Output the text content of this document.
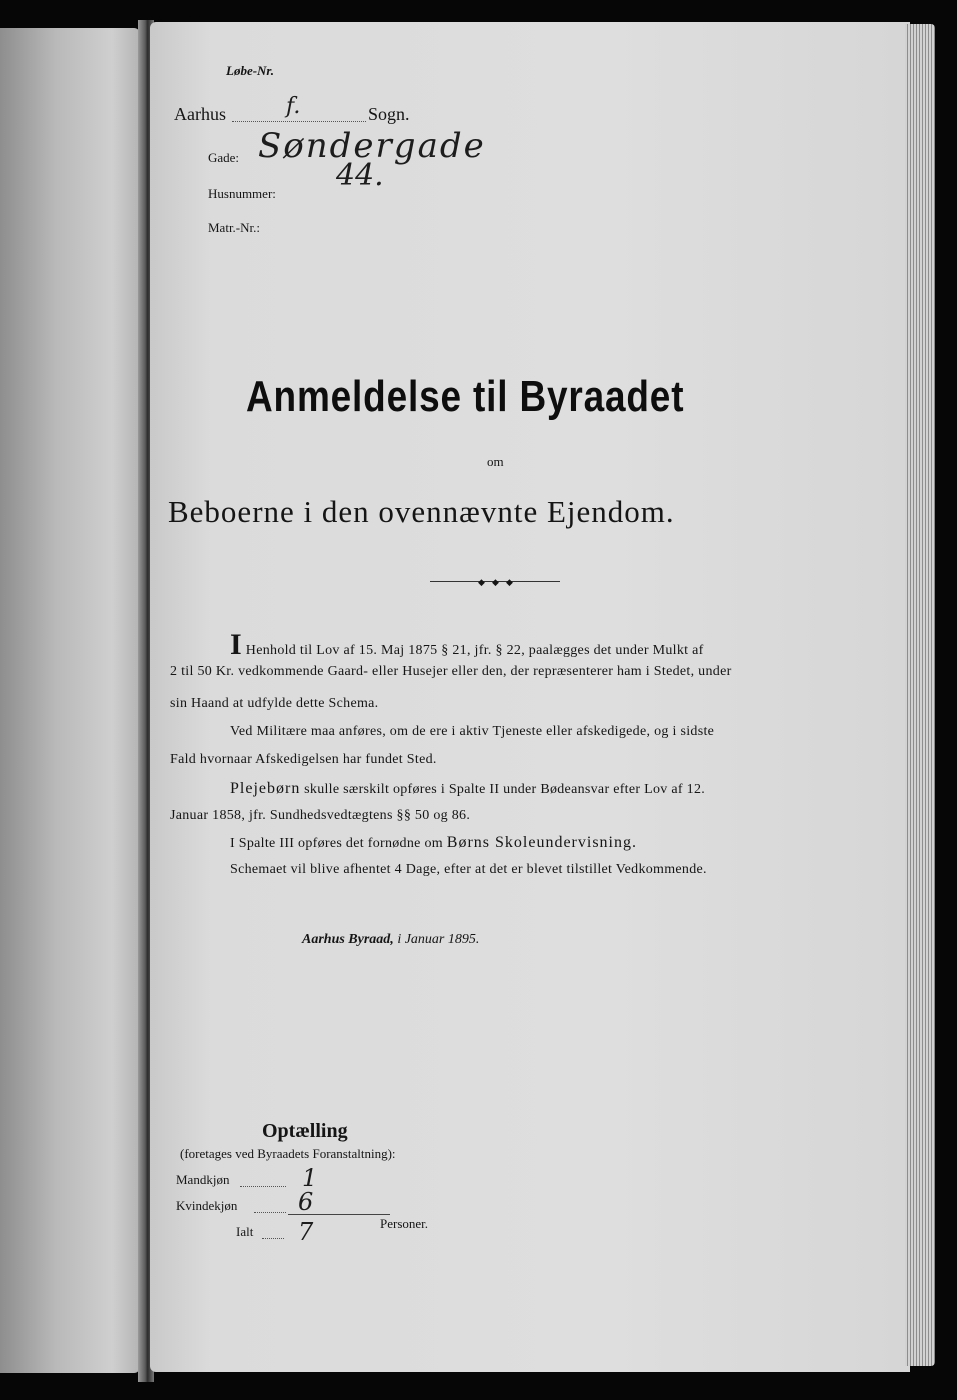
Løbe-Nr.
Aarhus	f.	Sogn.
Gade: Søndergade
Husnummer:
44.
Matr.-Nr.:
Anmeldelse til Byraadet
om
Beboerne i den ovennævnte Ejendom.
◆ ◆ ◆
I Henhold til Lov af 15. Maj 1875 § 21, jfr. § 22, paalægges det under Mulkt af
2 til 50 Kr. vedkommende Gaard- eller Husejer eller den, der repræsenterer ham i Stedet, under
sin Haand at udfylde dette Schema.
Ved Militære maa anføres, om de ere i aktiv Tjeneste eller afskedigede, og i sidste
Fald hvornaar Afskedigelsen har fundet Sted.
Plejebørn skulle særskilt opføres i Spalte II under Bødeansvar efter Lov af 12.
Januar 1858, jfr. Sundhedsvedtægtens §§ 50 og 86.
I Spalte III opføres det fornødne om Børns Skoleundervisning.
Schemaet vil blive afhentet 4 Dage, efter at det er blevet tilstillet Vedkommende.
Aarhus Byraad, i Januar 1895.
Optælling
(foretages ved Byraadets Foranstaltning):
Mandkjøn	1
Kvindekjøn	6
Ialt 7	Personer.
